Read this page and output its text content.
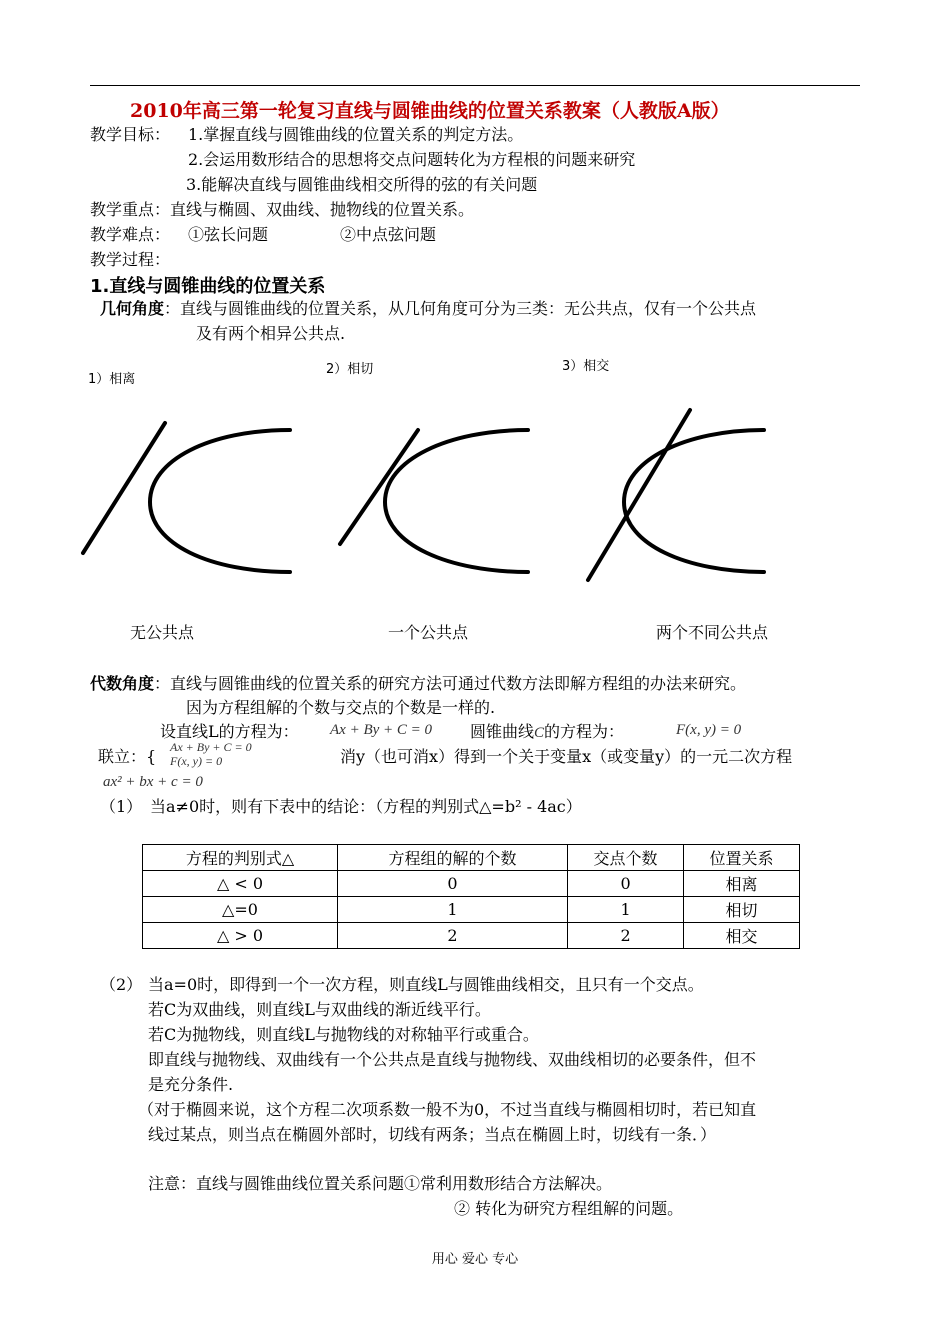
2010年高三第一轮复习直线与圆锥曲线的位置关系教案（人教版A版）
教学目标： 1.掌握直线与圆锥曲线的位置关系的判定方法。
2.会运用数形结合的思想将交点问题转化为方程根的问题来研究
3.能解决直线与圆锥曲线相交所得的弦的有关问题
教学重点：直线与椭圆、双曲线、抛物线的位置关系。
教学难点： ①弦长问题	②中点弦问题
教学过程：
1.直线与圆锥曲线的位置关系
几何角度：直线与圆锥曲线的位置关系，从几何角度可分为三类：无公共点，仅有一个公共点
及有两个相异公共点.
1）相离
2）相切	3）相交
无公共点	一个公共点	两个不同公共点
代数角度：直线与圆锥曲线的位置关系的研究方法可通过代数方法即解方程组的办法来研究。
因为方程组解的个数与交点的个数是一样的.
设直线L的方程为： Ax + By + C = 0 圆锥曲线C的方程为：	F(x, y) = 0
联立：{ Ax + By + C = 0
F(x, y) = 0	消y（也可消x）得到一个关于变量x（或变量y）的一元二次方程
ax² + bx + c = 0
（1） 当a≠0时，则有下表中的结论：（方程的判别式△=b² - 4ac）
方程的判别式△	方程组的解的个数	交点个数	位置关系
△ < 0	0	0	相离
△=0	1	1	相切
△ > 0	2	2	相交
（2） 当a=0时，即得到一个一次方程，则直线L与圆锥曲线相交，且只有一个交点。
若C为双曲线，则直线L与双曲线的渐近线平行。
若C为抛物线，则直线L与抛物线的对称轴平行或重合。
即直线与抛物线、双曲线有一个公共点是直线与抛物线、双曲线相切的必要条件，但不
是充分条件.
（对于椭圆来说，这个方程二次项系数一般不为0，不过当直线与椭圆相切时，若已知直
线过某点，则当点在椭圆外部时，切线有两条；当点在椭圆上时，切线有一条．）
注意：直线与圆锥曲线位置关系问题①常利用数形结合方法解决。
② 转化为研究方程组解的问题。
用心 爱心 专心
